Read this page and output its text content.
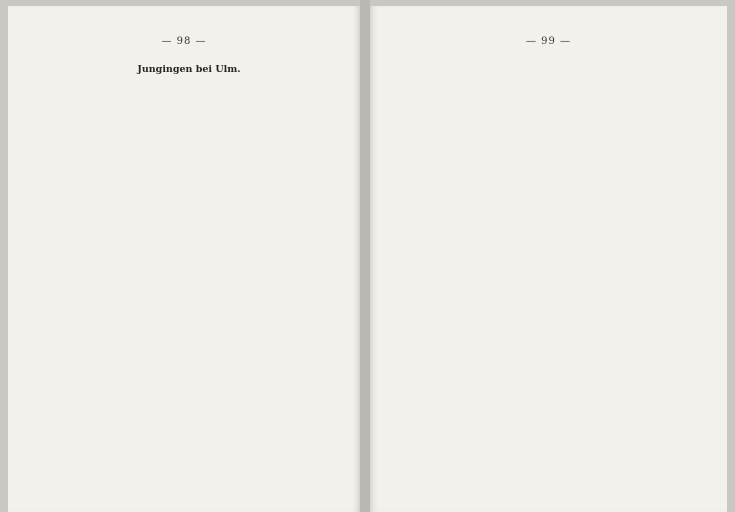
— 98 —
Jungingen bei Ulm.

— 99 —
